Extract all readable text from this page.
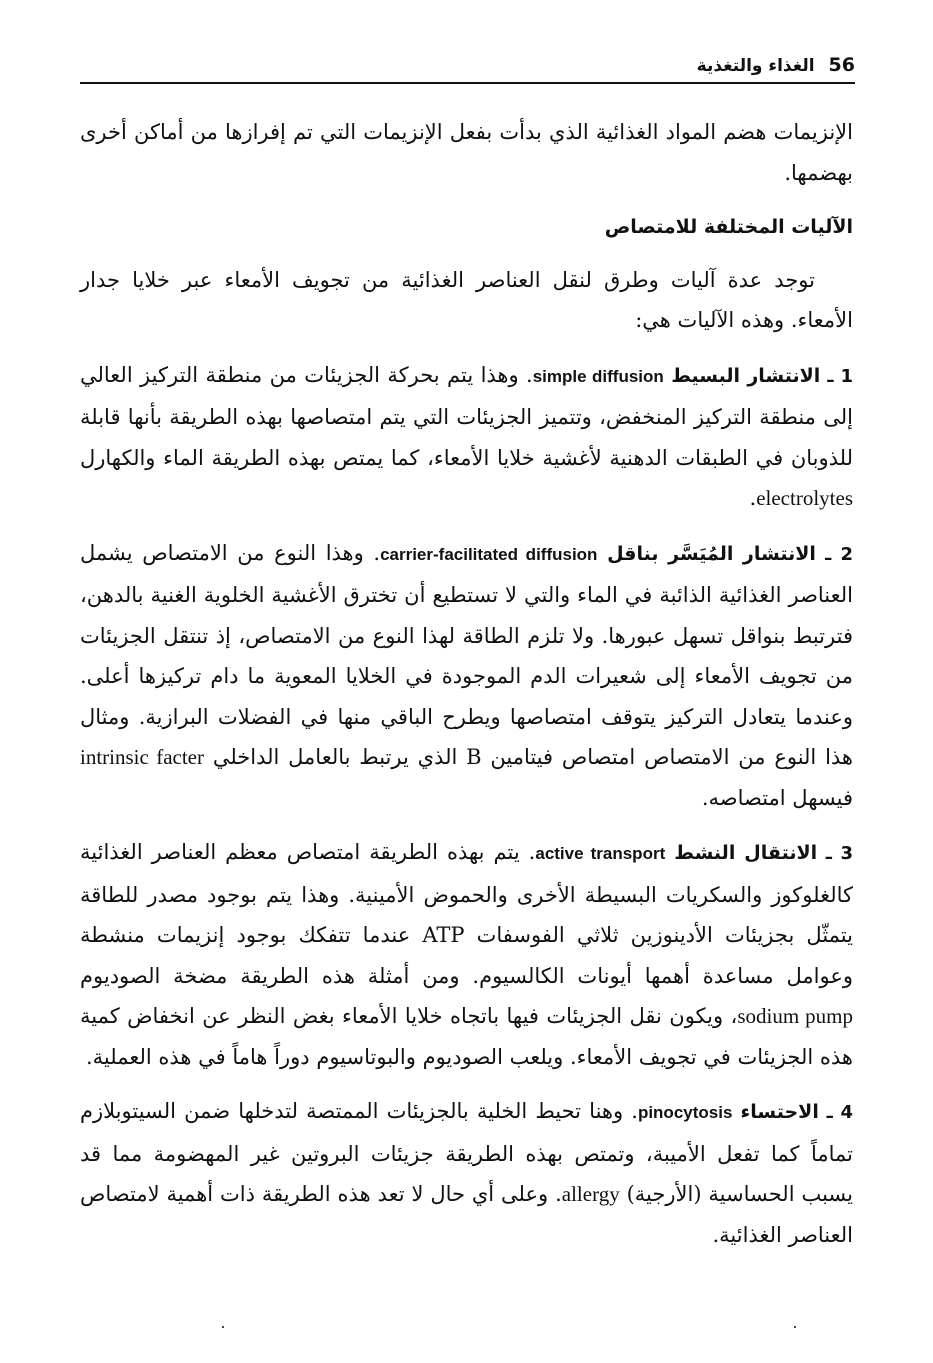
56
الغذاء والتغذية

الإنزيمات هضم المواد الغذائية الذي بدأت بفعل الإنزيمات التي تم إفرازها من أماكن أخرى بهضمها.

الآليات المختلفة للامتصاص

توجد عدة آليات وطرق لنقل العناصر الغذائية من تجويف الأمعاء عبر خلايا جدار الأمعاء. وهذه الآليات هي:

1 ـ الانتشار البسيط simple diffusion. وهذا يتم بحركة الجزيئات من منطقة التركيز العالي إلى منطقة التركيز المنخفض، وتتميز الجزيئات التي يتم امتصاصها بهذه الطريقة بأنها قابلة للذوبان في الطبقات الدهنية لأغشية خلايا الأمعاء، كما يمتص بهذه الطريقة الماء والكهارل electrolytes.

2 ـ الانتشار المُيَسَّر بناقل carrier-facilitated diffusion. وهذا النوع من الامتصاص يشمل العناصر الغذائية الذائبة في الماء والتي لا تستطيع أن تخترق الأغشية الخلوية الغنية بالدهن، فترتبط بنواقل تسهل عبورها. ولا تلزم الطاقة لهذا النوع من الامتصاص، إذ تنتقل الجزيئات من تجويف الأمعاء إلى شعيرات الدم الموجودة في الخلايا المعوية ما دام تركيزها أعلى. وعندما يتعادل التركيز يتوقف امتصاصها ويطرح الباقي منها في الفضلات البرازية. ومثال هذا النوع من الامتصاص امتصاص فيتامين B الذي يرتبط بالعامل الداخلي intrinsic facter فيسهل امتصاصه.

3 ـ الانتقال النشط active transport. يتم بهذه الطريقة امتصاص معظم العناصر الغذائية كالغلوكوز والسكريات البسيطة الأخرى والحموض الأمينية. وهذا يتم بوجود مصدر للطاقة يتمثّل بجزيئات الأدينوزين ثلاثي الفوسفات ATP عندما تتفكك بوجود إنزيمات منشطة وعوامل مساعدة أهمها أيونات الكالسيوم. ومن أمثلة هذه الطريقة مضخة الصوديوم sodium pump، ويكون نقل الجزيئات فيها باتجاه خلايا الأمعاء بغض النظر عن انخفاض كمية هذه الجزيئات في تجويف الأمعاء. ويلعب الصوديوم والبوتاسيوم دوراً هاماً في هذه العملية.

4 ـ الاحتساء pinocytosis. وهنا تحيط الخلية بالجزيئات الممتصة لتدخلها ضمن السيتوبلازم تماماً كما تفعل الأميبة، وتمتص بهذه الطريقة جزيئات البروتين غير المهضومة مما قد يسبب الحساسية (الأرجية) allergy. وعلى أي حال لا تعد هذه الطريقة ذات أهمية لامتصاص العناصر الغذائية.
